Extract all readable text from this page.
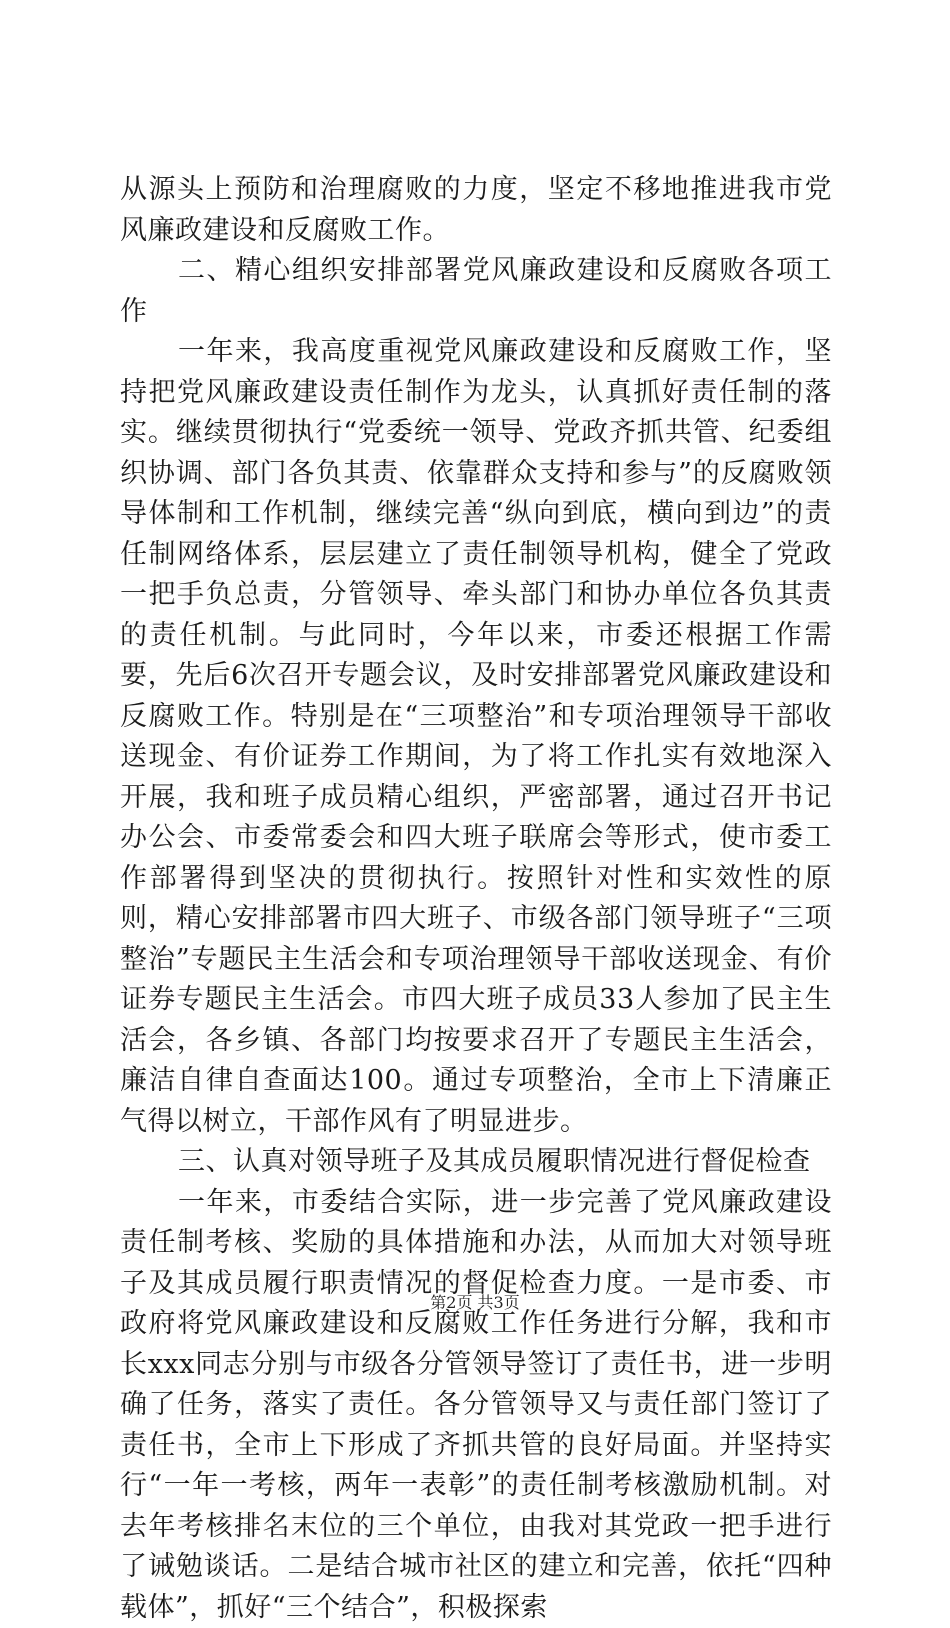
从源头上预防和治理腐败的力度，坚定不移地推进我市党风廉政建设和反腐败工作。

二、精心组织安排部署党风廉政建设和反腐败各项工作

一年来，我高度重视党风廉政建设和反腐败工作，坚持把党风廉政建设责任制作为龙头，认真抓好责任制的落实。继续贯彻执行“党委统一领导、党政齐抓共管、纪委组织协调、部门各负其责、依靠群众支持和参与”的反腐败领导体制和工作机制，继续完善“纵向到底，横向到边”的责任制网络体系，层层建立了责任制领导机构，健全了党政一把手负总责，分管领导、牵头部门和协办单位各负其责的责任机制。与此同时，今年以来，市委还根据工作需要，先后6次召开专题会议，及时安排部署党风廉政建设和反腐败工作。特别是在“三项整治”和专项治理领导干部收送现金、有价证券工作期间，为了将工作扎实有效地深入开展，我和班子成员精心组织，严密部署，通过召开书记办公会、市委常委会和四大班子联席会等形式，使市委工作部署得到坚决的贯彻执行。按照针对性和实效性的原则，精心安排部署市四大班子、市级各部门领导班子“三项整治”专题民主生活会和专项治理领导干部收送现金、有价证券专题民主生活会。市四大班子成员33人参加了民主生活会，各乡镇、各部门均按要求召开了专题民主生活会，廉洁自律自查面达100。通过专项整治，全市上下清廉正气得以树立，干部作风有了明显进步。

三、认真对领导班子及其成员履职情况进行督促检查

一年来，市委结合实际，进一步完善了党风廉政建设责任制考核、奖励的具体措施和办法，从而加大对领导班子及其成员履行职责情况的督促检查力度。一是市委、市政府将党风廉政建设和反腐败工作任务进行分解，我和市长xxx同志分别与市级各分管领导签订了责任书，进一步明确了任务，落实了责任。各分管领导又与责任部门签订了责任书，全市上下形成了齐抓共管的良好局面。并坚持实行“一年一考核，两年一表彰”的责任制考核激励机制。对去年考核排名末位的三个单位，由我对其党政一把手进行了诫勉谈话。二是结合城市社区的建立和完善，依托“四种载体”，抓好“三个结合”，积极探索

第2页 共3页
